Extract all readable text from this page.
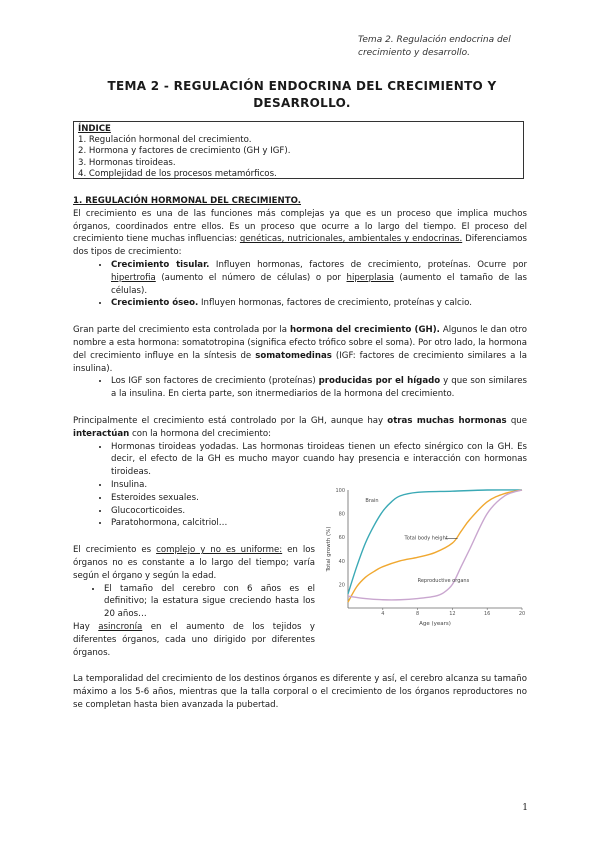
Tema 2. Regulación endocrina del
crecimiento y desarrollo.
TEMA 2 - REGULACIÓN ENDOCRINA DEL CRECIMIENTO Y
DESARROLLO.
ÍNDICE
1. Regulación hormonal del crecimiento.
2. Hormona y factores de crecimiento (GH y IGF).
3. Hormonas tiroideas.
4. Complejidad de los procesos metamórficos.

1. REGULACIÓN HORMONAL DEL CRECIMIENTO.

El crecimiento es una de las funciones más complejas ya que es un proceso que implica muchos órganos, coordinados entre ellos. Es un proceso que ocurre a lo largo del tiempo. El proceso del crecimiento tiene muchas influencias: genéticas, nutricionales, ambientales y endocrinas. Diferenciamos dos tipos de crecimiento:

• Crecimiento tisular. Influyen hormonas, factores de crecimiento, proteínas. Ocurre por hipertrofia (aumento el número de células) o por hiperplasia (aumento el tamaño de las células).
• Crecimiento óseo. Influyen hormonas, factores de crecimiento, proteínas y calcio.

Gran parte del crecimiento esta controlada por la hormona del crecimiento (GH). Algunos le dan otro nombre a esta hormona: somatotropina (significa efecto trófico sobre el soma). Por otro lado, la hormona del crecimiento influye en la síntesis de somatomedinas (IGF: factores de crecimiento similares a la insulina).

• Los IGF son factores de crecimiento (proteínas) producidas por el hígado y que son similares a la insulina. En cierta parte, son itnermediarios de la hormona del crecimiento.

Principalmente el crecimiento está controlado por la GH, aunque hay otras muchas hormonas que interactúan con la hormona del crecimiento:

• Hormonas tiroideas yodadas. Las hormonas tiroideas tienen un efecto sinérgico con la GH. Es decir, el efecto de la GH es mucho mayor cuando hay presencia e interacción con hormonas tiroideas.
• Insulina.
• Esteroides sexuales.
• Glucocorticoides.
• Paratohormona, calcitriol…

El crecimiento es complejo y no es uniforme: en los órganos no es constante a lo largo del tiempo; varía según el órgano y según la edad.

• El tamaño del cerebro con 6 años es el definitivo; la estatura sigue creciendo hasta los 20 años…

Hay asincronía en el aumento de los tejidos y diferentes órganos, cada uno dirigido por diferentes órganos.

La temporalidad del crecimiento de los destinos órganos es diferente y así, el cerebro alcanza su tamaño máximo a los 5-6 años, mientras que la talla corporal o el crecimiento de los órganos reproductores no se completan hasta bien avanzada la pubertad.

4	8	12	16	20
100
80
60
40
20
Brain
Total body height
Reproductive organs
Age (years)
Total growth (%)
1
